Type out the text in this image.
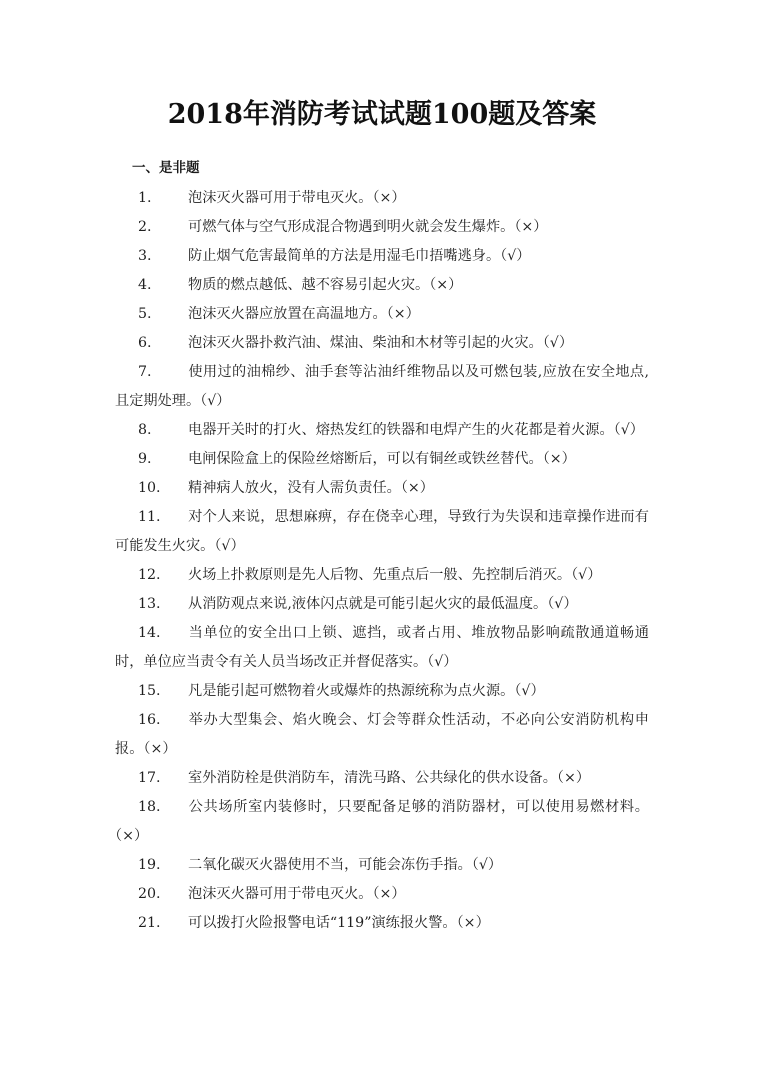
2018年消防考试试题100题及答案
一、是非题
1.	泡沫灭火器可用于带电灭火。（×）
2.	可燃气体与空气形成混合物遇到明火就会发生爆炸。（×）
3.	防止烟气危害最简单的方法是用湿毛巾捂嘴逃身。（√）
4.	物质的燃点越低、越不容易引起火灾。（×）
5.	泡沫灭火器应放置在高温地方。（×）
6.	泡沫灭火器扑救汽油、煤油、柴油和木材等引起的火灾。（√）
7.	使用过的油棉纱、油手套等沾油纤维物品以及可燃包装,应放在安全地点,且定期处理。（√）
8.	电器开关时的打火、熔热发红的铁器和电焊产生的火花都是着火源。（√）
9.	电闸保险盒上的保险丝熔断后，可以有铜丝或铁丝替代。（×）
10. 精神病人放火，没有人需负责任。（×）
11. 对个人来说，思想麻痹，存在侥幸心理，导致行为失误和违章操作进而有可能发生火灾。（√）
12. 火场上扑救原则是先人后物、先重点后一般、先控制后消灭。（√）
13. 从消防观点来说,液体闪点就是可能引起火灾的最低温度。（√）
14. 当单位的安全出口上锁、遮挡，或者占用、堆放物品影响疏散通道畅通时，单位应当责令有关人员当场改正并督促落实。（√）
15. 凡是能引起可燃物着火或爆炸的热源统称为点火源。（√）
16. 举办大型集会、焰火晚会、灯会等群众性活动，不必向公安消防机构申报。（×）
17. 室外消防栓是供消防车，清洗马路、公共绿化的供水设备。（×）
18. 公共场所室内装修时，只要配备足够的消防器材，可以使用易燃材料。（×）
19. 二氧化碳灭火器使用不当，可能会冻伤手指。（√）
20. 泡沫灭火器可用于带电灭火。（×）
21. 可以拨打火险报警电话“119”演练报火警。（×）
